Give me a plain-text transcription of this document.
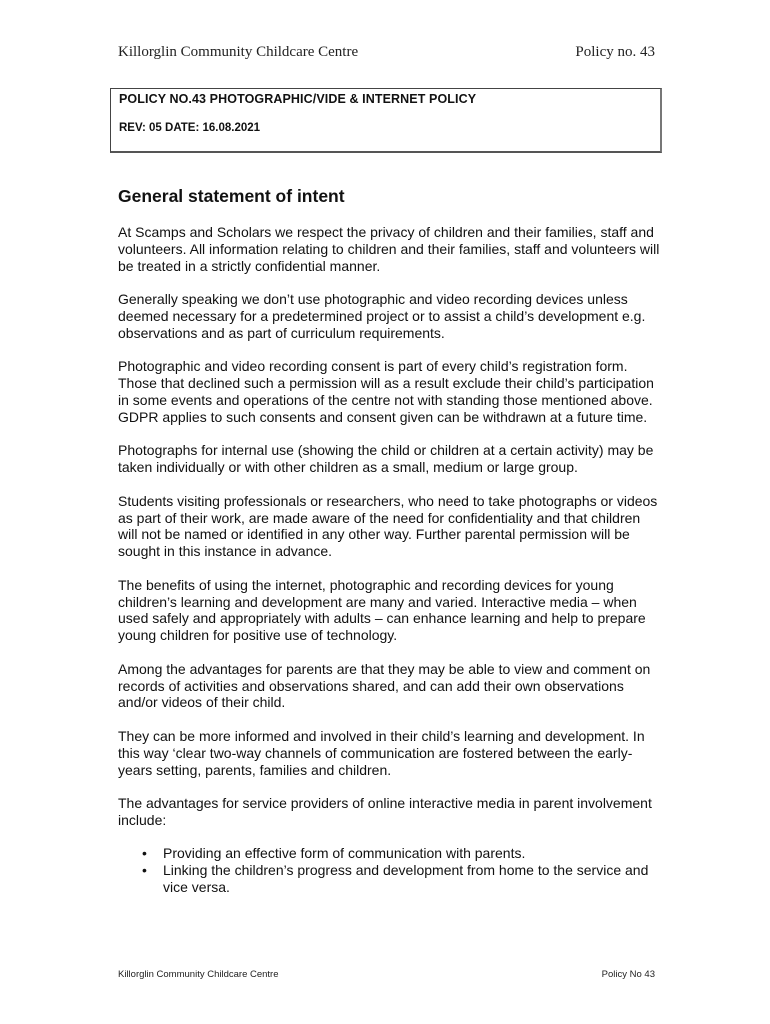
Killorglin Community Childcare Centre	Policy no. 43
POLICY NO.43 PHOTOGRAPHIC/VIDE & INTERNET POLICY
REV: 05 DATE: 16.08.2021
General statement of intent

At Scamps and Scholars we respect the privacy of children and their families, staff and volunteers. All information relating to children and their families, staff and volunteers will be treated in a strictly confidential manner.

Generally speaking we don’t use photographic and video recording devices unless deemed necessary for a predetermined project or to assist a child’s development e.g. observations and as part of curriculum requirements.

Photographic and video recording consent is part of every child’s registration form. Those that declined such a permission will as a result exclude their child’s participation in some events and operations of the centre not with standing those mentioned above. GDPR applies to such consents and consent given can be withdrawn at a future time.

Photographs for internal use (showing the child or children at a certain activity) may be taken individually or with other children as a small, medium or large group.

Students visiting professionals or researchers, who need to take photographs or videos as part of their work, are made aware of the need for confidentiality and that children will not be named or identified in any other way. Further parental permission will be sought in this instance in advance.

The benefits of using the internet, photographic and recording devices for young children’s learning and development are many and varied. Interactive media – when used safely and appropriately with adults – can enhance learning and help to prepare young children for positive use of technology.

Among the advantages for parents are that they may be able to view and comment on records of activities and observations shared, and can add their own observations and/or videos of their child.

They can be more informed and involved in their child’s learning and development. In this way ‘clear two-way channels of communication are fostered between the early-years setting, parents, families and children.

The advantages for service providers of online interactive media in parent involvement include:

• Providing an effective form of communication with parents.
• Linking the children’s progress and development from home to the service and vice versa.
Killorglin Community Childcare Centre	Policy No 43
